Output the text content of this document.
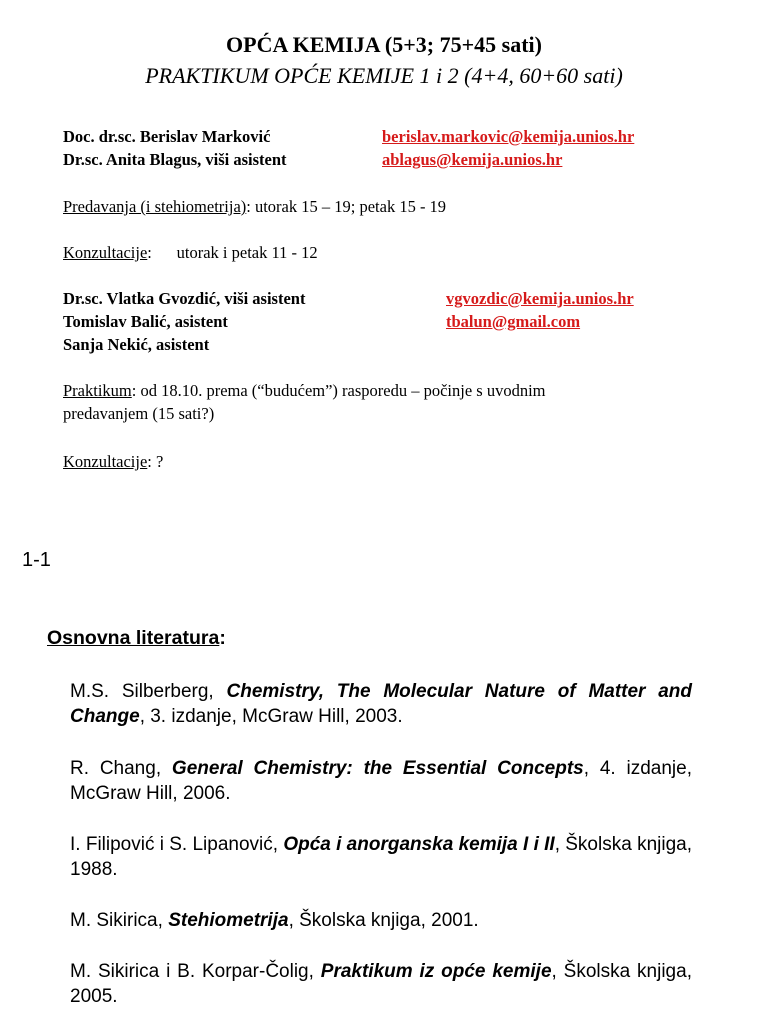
OPĆA KEMIJA (5+3; 75+45 sati)
PRAKTIKUM OPĆE KEMIJE 1 i 2 (4+4, 60+60 sati)
Doc. dr.sc. Berislav Marković	berislav.markovic@kemija.unios.hr
Dr.sc. Anita Blagus, viši asistent	ablagus@kemija.unios.hr
Predavanja (i stehiometrija): utorak 15 – 19; petak 15 - 19
Konzultacije:      utorak i petak 11 - 12
Dr.sc. Vlatka Gvozdić, viši asistent	vgvozdic@kemija.unios.hr
Tomislav Balić, asistent	tbalun@gmail.com
Sanja Nekić, asistent
Praktikum: od 18.10. prema (“budućem”) rasporedu – počinje s uvodnim
predavanjem (15 sati?)
Konzultacije: ?
1-1
Osnovna literatura:
M.S. Silberberg, Chemistry, The Molecular Nature of Matter and Change, 3. izdanje, McGraw Hill, 2003.
R. Chang, General Chemistry: the Essential Concepts, 4. izdanje, McGraw Hill, 2006.
I. Filipović i S. Lipanović, Opća i anorganska kemija I i II, Školska knjiga, 1988.
M. Sikirica, Stehiometrija, Školska knjiga, 2001.
M. Sikirica i B. Korpar-Čolig, Praktikum iz opće kemije, Školska knjiga, 2005.
